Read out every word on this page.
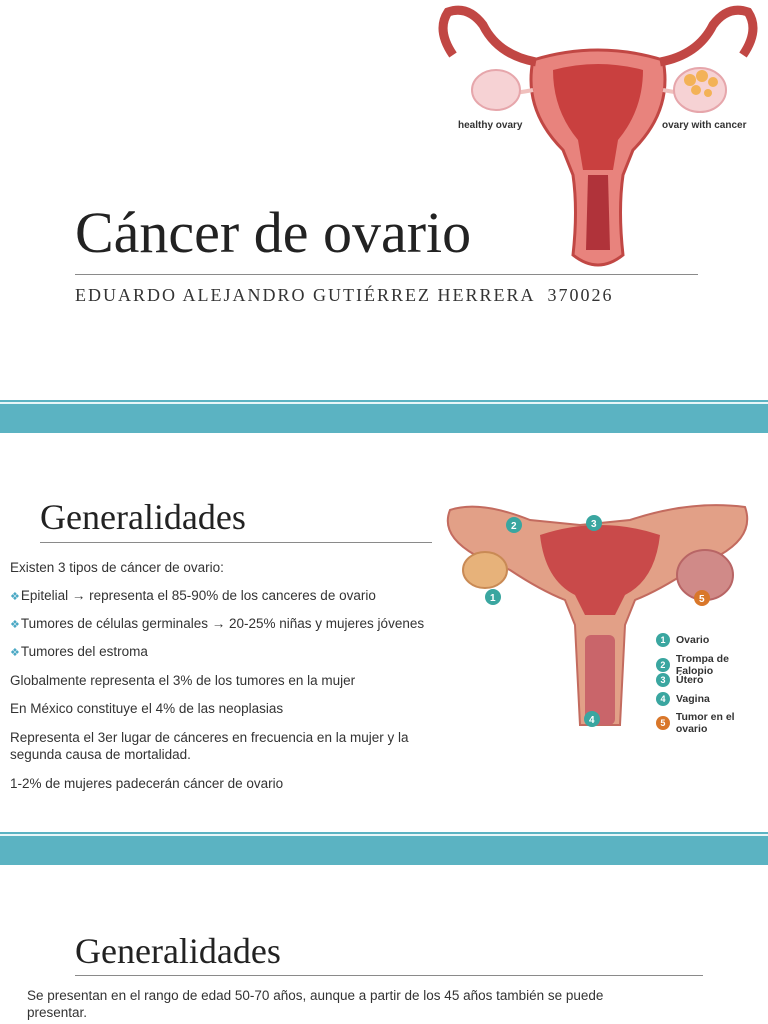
healthy ovary	ovary with cancer
Cáncer de ovario
EDUARDO ALEJANDRO GUTIÉRREZ HERRERA  370026
Generalidades
Existen 3 tipos de cáncer de ovario:
❖Epitelial → representa el 85-90% de los canceres de ovario
❖Tumores de células germinales → 20-25% niñas y mujeres jóvenes
❖Tumores del estroma
Globalmente representa el 3% de los tumores en la mujer
En México constituye el 4% de las neoplasias
Representa el 3er lugar de cánceres en frecuencia en la mujer y la segunda causa de mortalidad.
1-2% de mujeres padecerán cáncer de ovario
2	3
1	5
4
1	Ovario
2 Trompa de Falopio
3	Útero
4	Vagina
5 Tumor en el ovario
Generalidades
Se presentan en el rango de edad 50-70 años, aunque a partir de los 45 años también se puede presentar.
